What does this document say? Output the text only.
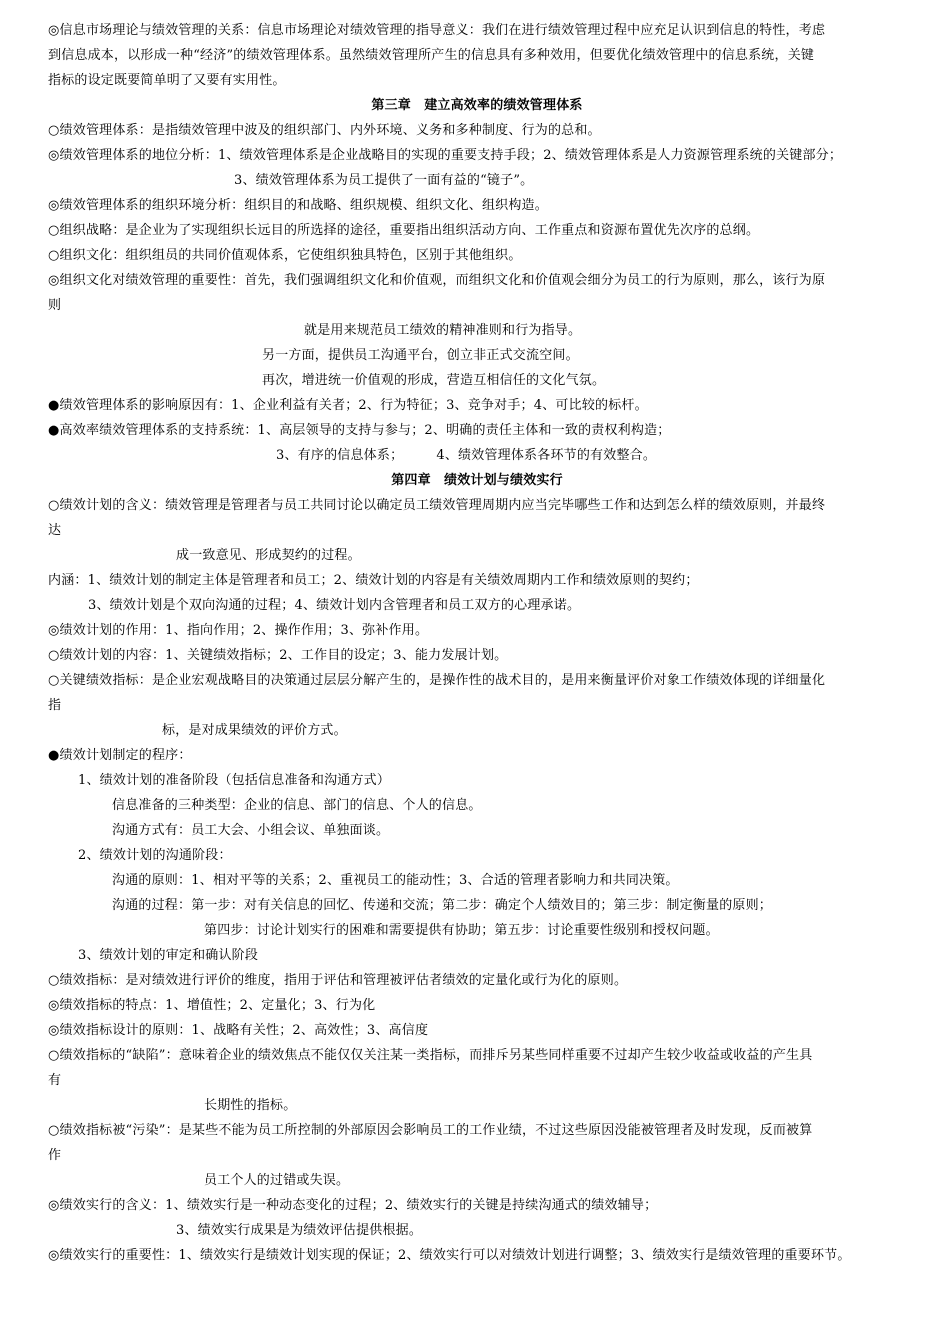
◎信息市场理论与绩效管理的关系：信息市场理论对绩效管理的指导意义：我们在进行绩效管理过程中应充足认识到信息的特性，考虑
到信息成本，以形成一种“经济”的绩效管理体系。虽然绩效管理所产生的信息具有多种效用，但要优化绩效管理中的信息系统，关键
指标的设定既要简单明了又要有实用性。
第三章　建立高效率的绩效管理体系
○绩效管理体系：是指绩效管理中波及的组织部门、内外环境、义务和多种制度、行为的总和。
◎绩效管理体系的地位分析：1、绩效管理体系是企业战略目的实现的重要支持手段；2、绩效管理体系是人力资源管理系统的关键部分；
3、绩效管理体系为员工提供了一面有益的“镜子”。
◎绩效管理体系的组织环境分析：组织目的和战略、组织规模、组织文化、组织构造。
○组织战略：是企业为了实现组织长远目的所选择的途径，重要指出组织活动方向、工作重点和资源布置优先次序的总纲。
○组织文化：组织组员的共同价值观体系，它使组织独具特色，区别于其他组织。
◎组织文化对绩效管理的重要性：首先，我们强调组织文化和价值观，而组织文化和价值观会细分为员工的行为原则，那么，该行为原
则
就是用来规范员工绩效的精神准则和行为指导。
另一方面，提供员工沟通平台，创立非正式交流空间。
再次，增进统一价值观的形成，营造互相信任的文化气氛。
●绩效管理体系的影响原因有：1、企业利益有关者；2、行为特征；3、竞争对手；4、可比较的标杆。
●高效率绩效管理体系的支持系统：1、高层领导的支持与参与；2、明确的责任主体和一致的责权利构造；
3、有序的信息体系；　　　4、绩效管理体系各环节的有效整合。
第四章　绩效计划与绩效实行
○绩效计划的含义：绩效管理是管理者与员工共同讨论以确定员工绩效管理周期内应当完毕哪些工作和达到怎么样的绩效原则，并最终
达
成一致意见、形成契约的过程。
内涵：1、绩效计划的制定主体是管理者和员工；2、绩效计划的内容是有关绩效周期内工作和绩效原则的契约；
3、绩效计划是个双向沟通的过程；4、绩效计划内含管理者和员工双方的心理承诺。
◎绩效计划的作用：1、指向作用；2、操作作用；3、弥补作用。
○绩效计划的内容：1、关键绩效指标；2、工作目的设定；3、能力发展计划。
○关键绩效指标：是企业宏观战略目的决策通过层层分解产生的，是操作性的战术目的，是用来衡量评价对象工作绩效体现的详细量化
指
标，是对成果绩效的评价方式。
●绩效计划制定的程序：
1、绩效计划的准备阶段（包括信息准备和沟通方式）
信息准备的三种类型：企业的信息、部门的信息、个人的信息。
沟通方式有：员工大会、小组会议、单独面谈。
2、绩效计划的沟通阶段：
沟通的原则：1、相对平等的关系；2、重视员工的能动性；3、合适的管理者影响力和共同决策。
沟通的过程：第一步：对有关信息的回忆、传递和交流；第二步：确定个人绩效目的；第三步：制定衡量的原则；
第四步：讨论计划实行的困难和需要提供有协助；第五步：讨论重要性级别和授权问题。
3、绩效计划的审定和确认阶段
○绩效指标：是对绩效进行评价的维度，指用于评估和管理被评估者绩效的定量化或行为化的原则。
◎绩效指标的特点：1、增值性；2、定量化；3、行为化
◎绩效指标设计的原则：1、战略有关性；2、高效性；3、高信度
○绩效指标的“缺陷”：意味着企业的绩效焦点不能仅仅关注某一类指标，而排斥另某些同样重要不过却产生较少收益或收益的产生具
有
长期性的指标。
○绩效指标被“污染”：是某些不能为员工所控制的外部原因会影响员工的工作业绩，不过这些原因没能被管理者及时发现，反而被算
作
员工个人的过错或失误。
◎绩效实行的含义：1、绩效实行是一种动态变化的过程；2、绩效实行的关键是持续沟通式的绩效辅导；
3、绩效实行成果是为绩效评估提供根据。
◎绩效实行的重要性：1、绩效实行是绩效计划实现的保证；2、绩效实行可以对绩效计划进行调整；3、绩效实行是绩效管理的重要环节。
